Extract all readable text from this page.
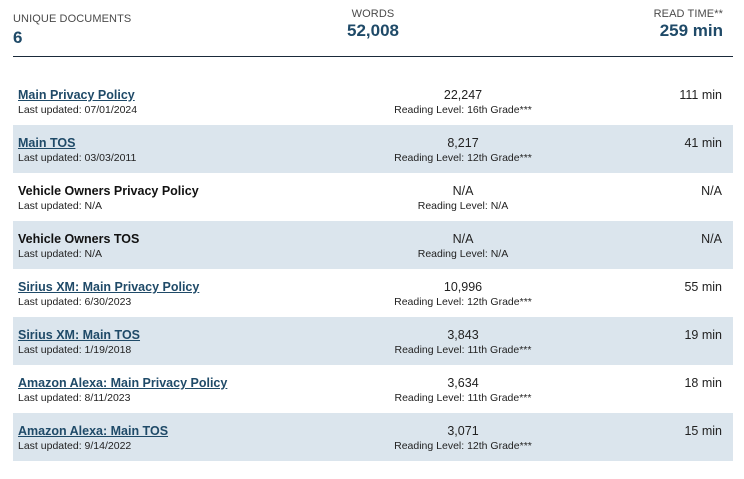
UNIQUE DOCUMENTS
6
WORDS
52,008
READ TIME**
259 min
Main Privacy Policy
Last updated: 07/01/2024
22,247
Reading Level: 16th Grade***
111 min
Main TOS
Last updated: 03/03/2011
8,217
Reading Level: 12th Grade***
41 min
Vehicle Owners Privacy Policy
Last updated: N/A
N/A
Reading Level: N/A
N/A
Vehicle Owners TOS
Last updated: N/A
N/A
Reading Level: N/A
N/A
Sirius XM: Main Privacy Policy
Last updated: 6/30/2023
10,996
Reading Level: 12th Grade***
55 min
Sirius XM: Main TOS
Last updated: 1/19/2018
3,843
Reading Level: 11th Grade***
19 min
Amazon Alexa: Main Privacy Policy
Last updated: 8/11/2023
3,634
Reading Level: 11th Grade***
18 min
Amazon Alexa: Main TOS
Last updated: 9/14/2022
3,071
Reading Level: 12th Grade***
15 min
